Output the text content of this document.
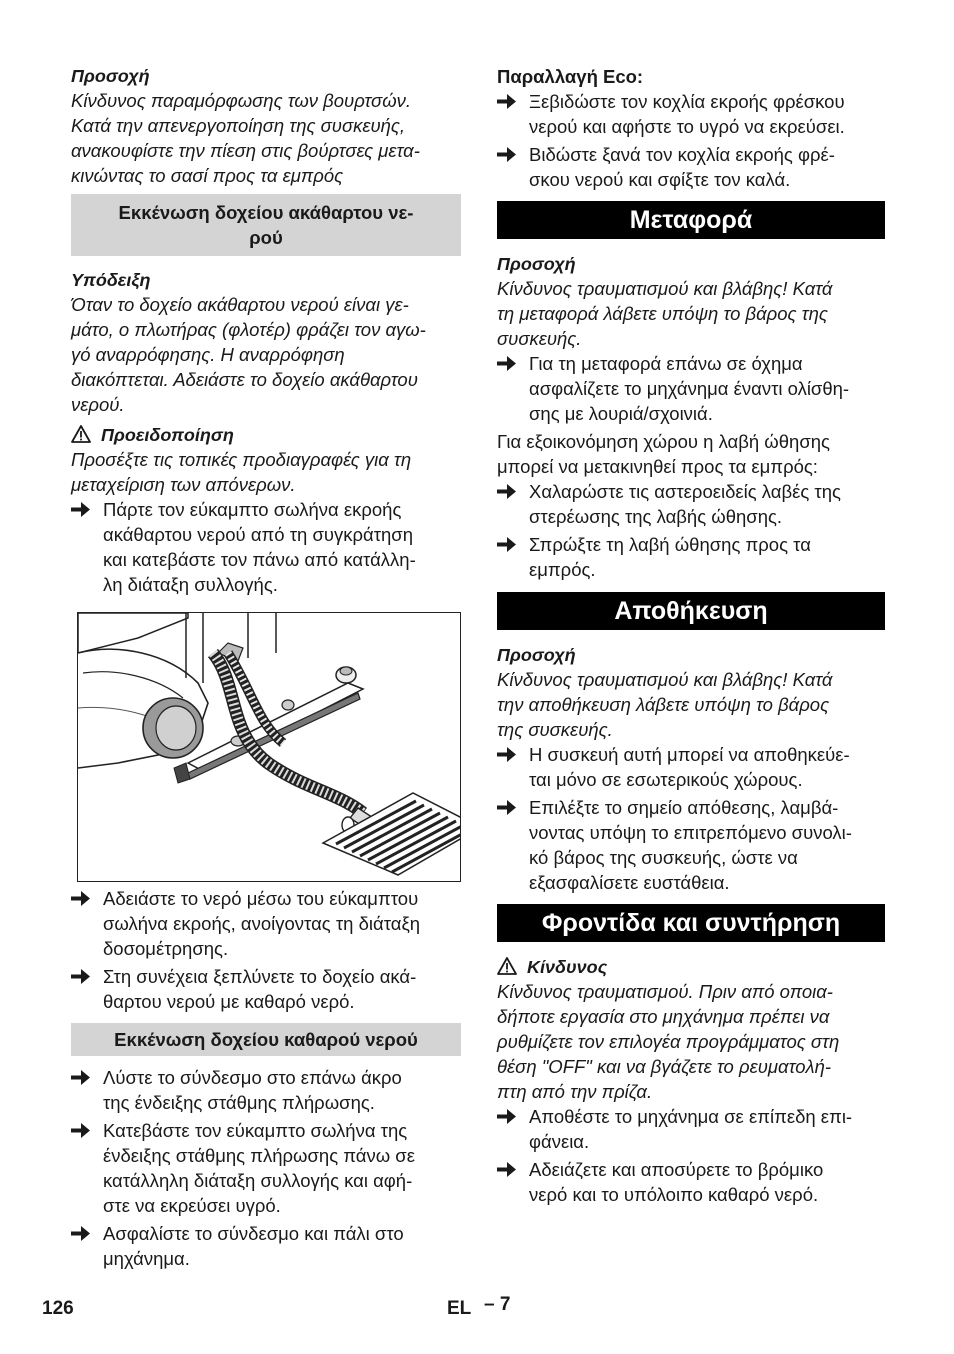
Προσοχή
Κίνδυνος παραμόρφωσης των βουρτσών.
Κατά την απενεργοποίηση της συσκευής,
ανακουφίστε την πίεση στις βούρτσες μετα-
κινώντας το σασί προς τα εμπρός
Εκκένωση δοχείου ακάθαρτου νε-
ρού
Υπόδειξη
Όταν το δοχείο ακάθαρτου νερού είναι γε-
μάτο, ο πλωτήρας (φλοτέρ) φράζει τον αγω-
γό αναρρόφησης. Η αναρρόφηση
διακόπτεται. Αδειάστε το δοχείο ακάθαρτου
νερού.
Προειδοποίηση
Προσέξτε τις τοπικές προδιαγραφές για τη
μεταχείριση των απόνερων.
Πάρτε τον εύκαμπτο σωλήνα εκροής
ακάθαρτου νερού από τη συγκράτηση
και κατεβάστε τον πάνω από κατάλλη-
λη διάταξη συλλογής.
Αδειάστε το νερό μέσω του εύκαμπτου
σωλήνα εκροής, ανοίγοντας τη διάταξη
δοσομέτρησης.
Στη συνέχεια ξεπλύνετε το δοχείο ακά-
θαρτου νερού με καθαρό νερό.
Εκκένωση δοχείου καθαρού νερού
Λύστε το σύνδεσμο στο επάνω άκρο
της ένδειξης στάθμης πλήρωσης.
Κατεβάστε τον εύκαμπτο σωλήνα της
ένδειξης στάθμης πλήρωσης πάνω σε
κατάλληλη διάταξη συλλογής και αφή-
στε να εκρεύσει υγρό.
Ασφαλίστε το σύνδεσμο και πάλι στο
μηχάνημα.
Παραλλαγή Eco:
Ξεβιδώστε τον κοχλία εκροής φρέσκου
νερού και αφήστε το υγρό να εκρεύσει.
Βιδώστε ξανά τον κοχλία εκροής φρέ-
σκου νερού και σφίξτε τον καλά.
Μεταφορά
Προσοχή
Κίνδυνος τραυματισμού και βλάβης! Κατά
τη μεταφορά λάβετε υπόψη το βάρος της
συσκευής.
Για τη μεταφορά επάνω σε όχημα
ασφαλίζετε το μηχάνημα έναντι ολίσθη-
σης με λουριά/σχοινιά.
Για εξοικονόμηση χώρου η λαβή ώθησης
μπορεί να μετακινηθεί προς τα εμπρός:
Χαλαρώστε τις αστεροειδείς λαβές της
στερέωσης της λαβής ώθησης.
Σπρώξτε τη λαβή ώθησης προς τα
εμπρός.
Αποθήκευση
Προσοχή
Κίνδυνος τραυματισμού και βλάβης! Κατά
την αποθήκευση λάβετε υπόψη το βάρος
της συσκευής.
Η συσκευή αυτή μπορεί να αποθηκεύε-
ται μόνο σε εσωτερικούς χώρους.
Επιλέξτε το σημείο απόθεσης, λαμβά-
νοντας υπόψη το επιτρεπόμενο συνολι-
κό βάρος της συσκευής, ώστε να
εξασφαλίσετε ευστάθεια.
Φροντίδα και συντήρηση
Κίνδυνος
Κίνδυνος τραυματισμού. Πριν από οποια-
δήποτε εργασία στο μηχάνημα πρέπει να
ρυθμίζετε τον επιλογέα προγράμματος στη
θέση "OFF" και να βγάζετε το ρευματολή-
πτη από την πρίζα.
Αποθέστε το μηχάνημα σε επίπεδη επι-
φάνεια.
Αδειάζετε και αποσύρετε το βρόμικο
νερό και το υπόλοιπο καθαρό νερό.
126	EL – 7
